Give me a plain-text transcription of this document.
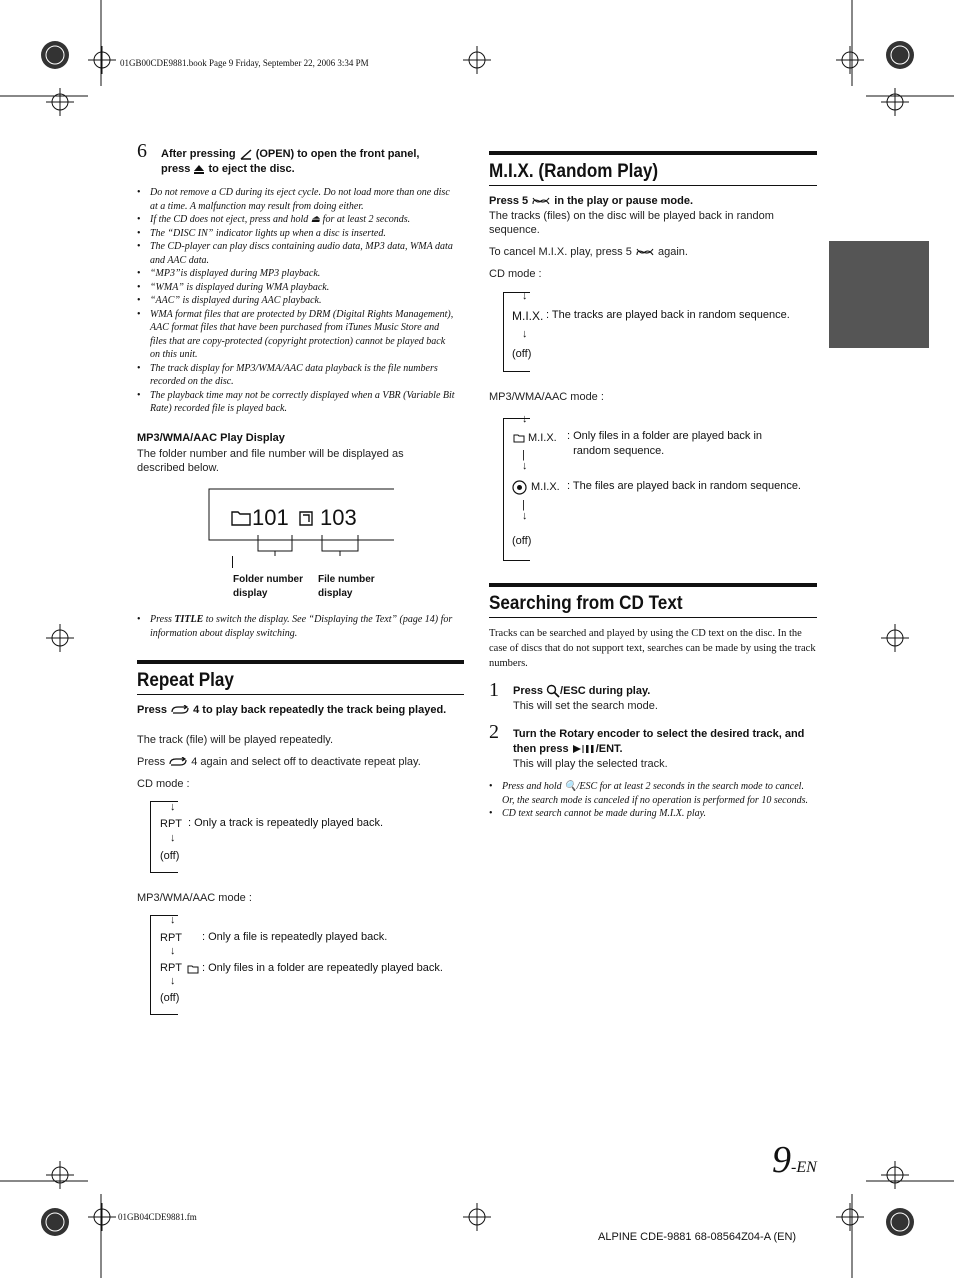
01GB00CDE9881.book Page 9 Friday, September 22, 2006 3:34 PM
01GB04CDE9881.fm
6 After pressing (OPEN) to open the front panel,
press to eject the disc.
• Do not remove a CD during its eject cycle. Do not load more than one disc at a time. A malfunction may result from doing either.
• If the CD does not eject, press and hold ⏏ for at least 2 seconds.
• The “DISC IN” indicator lights up when a disc is inserted.
• The CD-player can play discs containing audio data, MP3 data, WMA data and AAC data.
• “MP3”is displayed during MP3 playback.
• “WMA” is displayed during WMA playback.
• “AAC” is displayed during AAC playback.
• WMA format files that are protected by DRM (Digital Rights Management), AAC format files that have been purchased from iTunes Music Store and files that are copy-protected (copyright protection) cannot be played back on this unit.
• The track display for MP3/WMA/AAC data playback is the file numbers recorded on the disc.
• The playback time may not be correctly displayed when a VBR (Variable Bit Rate) recorded file is played back.
MP3/WMA/AAC Play Display
The folder number and file number will be displayed as described below.
101 103
Folder number
display
File number
display
• Press TITLE to switch the display. See “Displaying the Text” (page 14) for information about display switching.
Repeat Play
Press 4 to play back repeatedly the track being played.
The track (file) will be played repeatedly.
Press 4 again and select off to deactivate repeat play.
CD mode :
↓
RPT : Only a track is repeatedly played back.
↓
(off)
MP3/WMA/AAC mode :
↓
RPT : Only a file is repeatedly played back.
↓
RPT : Only files in a folder are repeatedly played back.
↓
(off)
M.I.X. (Random Play)
Press 5 in the play or pause mode.
The tracks (files) on the disc will be played back in random sequence.
To cancel M.I.X. play, press 5 again.
CD mode :
↓
M.I.X. : The tracks are played back in random sequence.
↓
(off)
MP3/WMA/AAC mode :
↓
M.I.X. : Only files in a folder are played back in
random sequence.
|
↓
M.I.X. : The files are played back in random sequence.
|
↓
(off)
Searching from CD Text
Tracks can be searched and played by using the CD text on the disc. In the case of discs that do not support text, searches can be made by using the track numbers.
1 Press /ESC during play.
This will set the search mode.
2 Turn the Rotary encoder to select the desired track, and then press /ENT.
This will play the selected track.
• Press and hold 🔍/ESC for at least 2 seconds in the search mode to cancel. Or, the search mode is canceled if no operation is performed for 10 seconds.
• CD text search cannot be made during M.I.X. play.
9-EN
ALPINE CDE-9881 68-08564Z04-A (EN)
